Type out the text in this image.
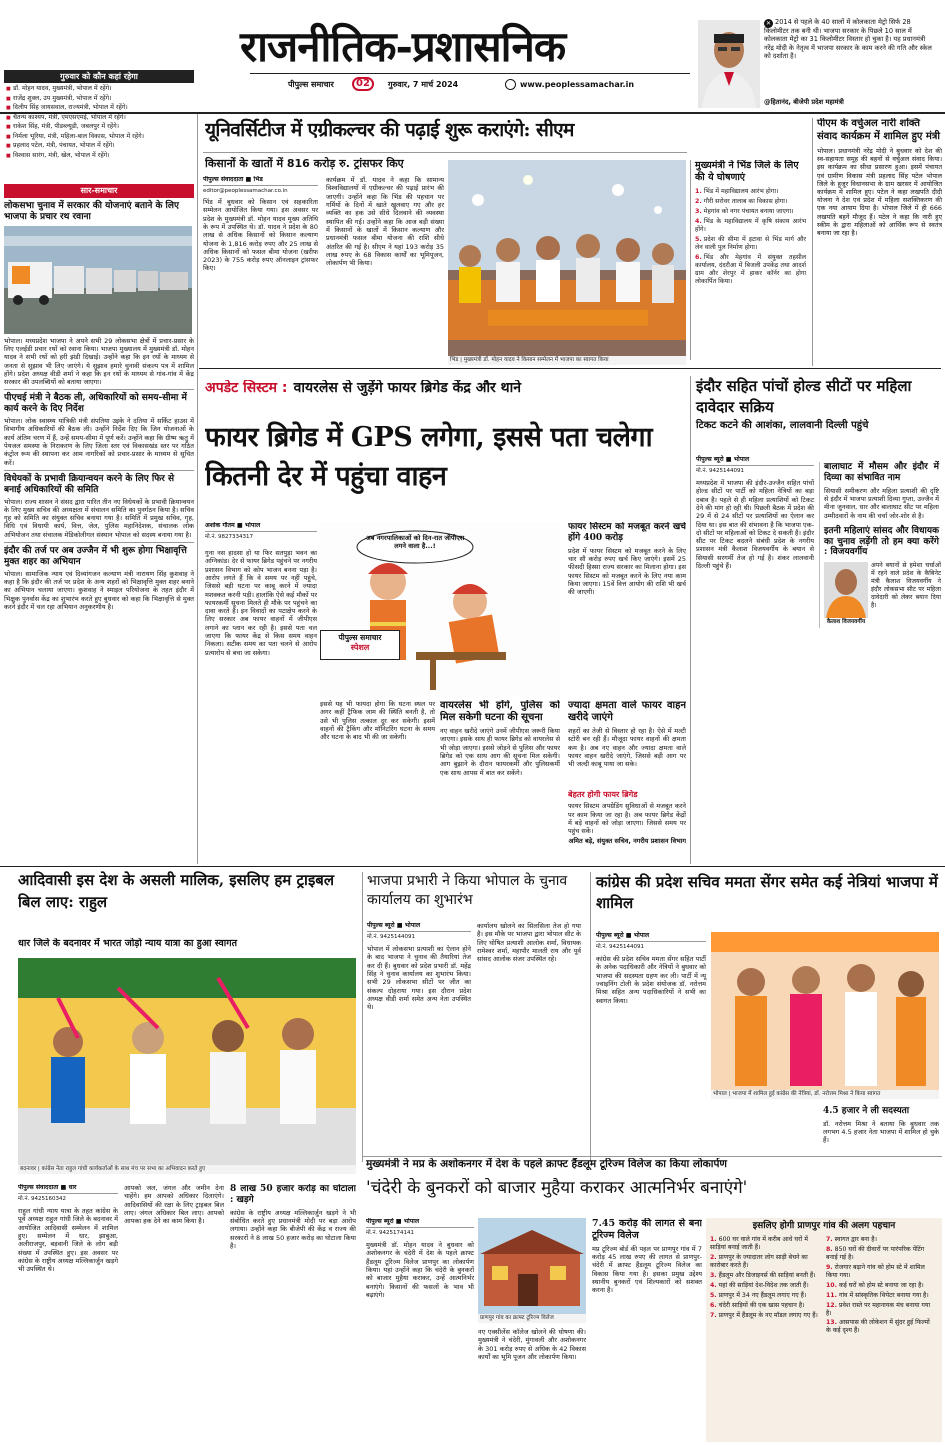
राजनीतिक-प्रशासनिक
पीपुल्स समाचार	02	गुरुवार, 7 मार्च 2024	www.peoplessamachar.in
✕ 2014 से पहले के 40 सालों में कोलकाता मेट्रो सिर्फ 28 किलोमीटर तक बनी थी। भाजपा सरकार के पिछले 10 साल में कोलकाता मेट्रो का 31 किलोमीटर विस्तार हो चुका है। यह प्रधानमंत्री नरेंद्र मोदी के नेतृत्व में भाजपा सरकार के काम करने की गति और स्केल को दर्शाता है।
@हितानंद, बीजेपी प्रदेश महामंत्री
गुरुवार को कौन कहां रहेगा
■ डॉ. मोहन यादव, मुख्यमंत्री, भोपाल में रहेंगे।
■ राजेंद्र शुक्ल, उप मुख्यमंत्री, भोपाल में रहेंगे।
■ दिलीप सिंह जायसवाल, राज्यमंत्री, भोपाल में रहेंगे।
■ चैतन्य काश्यप, मंत्री, एमएसएमई, भोपाल में रहेंगे।
■ राकेश सिंह, मंत्री, पीडब्ल्यूडी, जबलपुर में रहेंगे।
■ निर्मला भूरिया, मंत्री, महिला-बाल विकास, भोपाल में रहेंगे।
■ प्रहलाद पटेल, मंत्री, पंचायत, भोपाल में रहेंगे।
■ विश्वास सारंग, मंत्री, खेल, भोपाल में रहेंगे।
सार-समाचार
लोकसभा चुनाव में सरकार की योजनाएं बताने के लिए भाजपा के प्रचार रथ रवाना
भोपाल। मध्यप्रदेश भाजपा ने अपने सभी 29 लोकसभा क्षेत्रों में प्रचार-प्रसार के लिए एलईडी प्रचार रथों को रवाना किया। भाजपा मुख्यालय में मुख्यमंत्री डॉ. मोहन यादव ने सभी रथों को हरी झंडी दिखाई। उन्होंने कहा कि इन रथों के माध्यम से जनता से सुझाव भी लिए जाएंगे। ये सुझाव हमारे चुनावी संकल्प पत्र में शामिल होंगे। प्रदेश अध्यक्ष वीडी शर्मा ने कहा कि इन रथों के माध्यम से गांव-गांव में केंद्र सरकार की उपलब्धियों को बताया जाएगा।
पीएचई मंत्री ने बैठक ली, अधिकारियों को समय-सीमा में कार्य करने के दिए निर्देश
भोपाल। लोक स्वास्थ्य यांत्रिकी मंत्री संपतिया उइके ने दतिया में सर्किट हाउस में विभागीय अधिकारियों की बैठक ली। उन्होंने निर्देश दिए कि जिन योजनाओं के कार्य अंतिम चरण में हैं, उन्हें समय-सीमा में पूर्ण करें। उन्होंने कहा कि ग्रीष्म ऋतु में पेयजल समस्या के निराकरण के लिए जिला स्तर एवं विकासखंड स्तर पर गठित कंट्रोल रूम की स्थापना कर आम नागरिकों को प्रचार-प्रसार के माध्यम से सूचित करें।
विधेयकों के प्रभावी क्रियान्वयन करने के लिए फिर से बनाई अधिकारियों की समिति
भोपाल। राज्य शासन ने संसद द्वारा पारित तीन नए विधेयकों के प्रभावी क्रियान्वयन के लिए मुख्य सचिव की अध्यक्षता में संचालन समिति का पुनर्गठन किया है। सचिव गृह को समिति का संयुक्त सचिव बनाया गया है। समिति में प्रमुख सचिव, गृह, विधि एवं विधायी कार्य, वित्त, जेल, पुलिस महानिदेशक, संचालक लोक अभियोजन तथा संचालक मेडिकोलीगल संस्थान भोपाल को सदस्य बनाया गया है।
इंदौर की तर्ज पर अब उज्जैन में भी शुरू होगा भिक्षावृत्ति मुक्त शहर का अभियान
भोपाल। सामाजिक न्याय एवं दिव्यांगजन कल्याण मंत्री नारायण सिंह कुशवाह ने कहा है कि इंदौर की तर्ज पर प्रदेश के अन्य शहरों को भिक्षावृत्ति मुक्त शहर बनाने का अभियान चलाया जाएगा। कुशवाह ने स्माइल परियोजना के तहत इंदौर में भिक्षुक पुनर्वास केंद्र का शुभारंभ करते हुए बुधवार को कहा कि भिक्षावृत्ति से मुक्त करने इंदौर में चल रहा अभियान अनुकरणीय है।
यूनिवर्सिटीज में एग्रीकल्चर की पढ़ाई शुरू कराएंगे: सीएम
किसानों के खातों में 816 करोड़ रु. ट्रांसफर किए
पीपुल्स संवाददाता ■ भिंड
editor@peoplessamachar.co.in
भिंड में बुधवार को किसान एवं सहकारिता सम्मेलन आयोजित किया गया। इस अवसर पर प्रदेश के मुख्यमंत्री डॉ. मोहन यादव मुख्य अतिथि के रूप में उपस्थित थे। डॉ. यादव ने प्रदेश के 80 लाख से अधिक किसानों को किसान कल्याण योजना के 1,816 करोड़ रुपए और 25 लाख से अधिक किसानों को फसल बीमा योजना (खरीफ 2023) के 755 करोड़ रुपए ऑनलाइन ट्रांसफर किए।
कार्यक्रम में डॉ. यादव ने कहा कि सामान्य विश्वविद्यालयों में एग्रीकल्चर की पढ़ाई प्रारंभ की जाएगी। उन्होंने कहा कि भिंड की पहचान पर गर्मियों के दिनों में खाते खुलवाए गए और हर व्यक्ति का हक उसे सीधे दिलवाने की व्यवस्था स्थापित की गई। उन्होंने कहा कि आज बड़ी संख्या में किसानों के खातों में किसान कल्याण और प्रधानमंत्री फसल बीमा योजना की राशि सीधे अंतरित की गई है। सीएम ने यहां 193 करोड़ 35 लाख रुपए के 68 विकास कार्यों का भूमिपूजन, लोकार्पण भी किया।
भिंड | मुख्यमंत्री डॉ. मोहन यादव ने किसान सम्मेलन में भाजपा का स्वागत किया
मुख्यमंत्री ने भिंड जिले के लिए की ये घोषणाएं
1. भिंड में महाविद्यालय आरंभ होगा।
2. गौरी सरोवर तालाब का विकास होगा।
3. मेहगांव को नगर पंचायत बनाया जाएगा।
4. भिंड के महाविद्यालय में कृषि संकाय आरंभ होंगे।
5. प्रदेश की सीमा में इटावा से भिंड मार्ग और लेन वाली पुल निर्माण होगा।
6. भिंड और मेहगांव में संयुक्त तहसील कार्यालय, दंदरौआ में बिजली उपकेंद्र तथा आदर्श ग्राम और शेरपुर में हाकर कॉर्नर का होगा लोकार्पित किया।
पीएम के वर्चुअल नारी शक्ति संवाद कार्यक्रम में शामिल हुए मंत्री
भोपाल। प्रधानमंत्री नरेंद्र मोदी ने बुधवार को देश की स्व-सहायता समूह की बहनों से वर्चुअल संवाद किया। इस कार्यक्रम का सीधा प्रसारण हुआ। इसमें पंचायत एवं ग्रामीण विकास मंत्री प्रहलाद सिंह पटेल भोपाल जिले के हुजूर विधानसभा के ग्राम खरसर में आयोजित कार्यक्रम में शामिल हुए। पटेल ने कहा लखपति दीदी योजना ने देश एवं प्रदेश में महिला सशक्तिकरण की एक नया आयाम दिया है। भोपाल जिले में ही 666 लखपति बहनें मौजूद हैं। पटेल ने कहा कि नारी हुए स्कीम के द्वारा महिलाओं को आर्थिक रूप से स्वतंत्र बनाया जा रहा है।
अपडेट सिस्टम : वायरलेस से जुड़ेंगे फायर ब्रिगेड केंद्र और थाने
फायर ब्रिगेड में GPS लगेगा, इससे पता चलेगा कितनी देर में पहुंचा वाहन
अशोक गौतम ■ भोपाल
मो.नं. 9827334317
गुना नस हादसा हो या फिर सतपुड़ा भवन का अग्निकांड। देर से फायर ब्रिगेड पहुंचने पर नगरीय प्रशासन विभाग को कोप भाजन बनना पड़ा है। आरोप लगते हैं कि वे समय पर नहीं पहुंचे, जिससे बड़ी घटना पर काबू करने में ज्यादा मशक्कत करनी पड़ी। हालांकि ऐसे कई मौकों पर फायरकर्मी सूचना मिलते ही मौके पर पहुंचने का दावा करते हैं। इन विवादों का पटाक्षेप करने के लिए सरकार अब फायर वाहनों में जीपीएस लगाने का प्लान कर रही है। इससे पता चल जाएगा कि फायर केंद्र से किस समय वाहन निकला। सटीक समय का पता चलने से आरोप प्रत्यारोप से बचा जा सकेगा।
इससे यह भी फायदा होगा कि घटना स्थल पर अगर कहीं ट्रैफिक जाम की स्थिति बनती है, तो उसे भी पुलिस तत्काल दूर कर सकेगी। इसमें वाहनों की ट्रैकिंग और मॉनिटरिंग घटना के समय और घटना के बाद भी की जा सकेगी।
अब नगरपालिकाओं को दिन-रात जीपीएस लगने वाला है...!
पीपुल्स समाचार
स्पेशल
वायरलेस भी होंगे, पुलिस को मिल सकेगी घटना की सूचना
नए वाहन खरीदे जाएंगे उनमें जीपीएस जरूरी किया जाएगा। इसके साथ ही फायर ब्रिगेड को वायरलेस से भी जोड़ा जाएगा। इससे जोड़ने से पुलिस और फायर ब्रिगेड को एक साथ आग की सूचना मिल सकेगी। आग बुझाने के दौरान फायरकर्मी और पुलिसकर्मी एक साथ आपस में बात कर सकेंगे।
ज्यादा क्षमता वाले फायर वाहन खरीदे जाएंगे
शहरों का तेजी से विस्तार हो रहा है। ऐसे में मल्टी स्टोरी बन रही हैं। मौजूदा फायर वाहनों की क्षमता कम है। अब नए वाहन और ज्यादा क्षमता वाले फायर वाहन खरीदे जाएंगे, जिससे बड़ी आग पर भी जल्दी काबू पाया जा सके।
फायर सिस्टम को मजबूत करने खर्च होंगे 400 करोड़
प्रदेश में फायर सिस्टम को मजबूत करने के लिए चार सौ करोड़ रुपए खर्च किए जाएंगे। इसमें 25 फीसदी हिस्सा राज्य सरकार का मिलाना होगा। इस फायर सिस्टम को मजबूत करने के लिए नया काम किया जाएगा। 15वें वित्त आयोग की राशि भी खर्च की जाएगी।
बेहतर होगी फायर ब्रिगेड
फायर सिस्टम अपग्रेडिंग सुविधाओं से मजबूत करने पर काम किया जा रहा है। अब फायर ब्रिगेड केंद्रों में बड़े वाहनों को जोड़ा जाएगा। जिससे समय पर पहुंच सकें।
अमित बड़े, संयुक्त सचिव, नगरीय प्रशासन विभाग
इंदौर सहित पांचों होल्ड सीटों पर महिला दावेदार सक्रिय
टिकट कटने की आशंका, लालवानी दिल्ली पहुंचे
पीपुल्स ब्यूरो ■ भोपाल
मो.नं. 9425144091
मध्यप्रदेश में भाजपा की इंदौर-उज्जैन सहित पांचों होल्ड सीटों पर पार्टी को महिला नेत्रियों का बड़ा दबाव है। पहले से ही महिला प्रत्याशियों को टिकट देने की मांग हो रही थी। पिछली बैठक में प्रदेश की 29 में से 24 सीटों पर प्रत्याशियों का ऐलान कर दिया था। इस बात की संभावना है कि भाजपा एक-दो सीटों पर महिलाओं को टिकट दे सकती है। इंदौर सीट पर टिकट बदलने संबंधी प्रदेश के नगरीय प्रशासन मंत्री कैलाश विजयवर्गीय के बयान से सियासी सरगर्मी तेज हो गई है। शंकर लालवानी दिल्ली पहुंचे हैं।
बालाघाट में मौसम और इंदौर में दिव्या का संभावित नाम
सियासी समीकरण और महिला प्रत्याशी की दृष्टि से इंदौर में भाजपा प्रत्याशी दिव्या गुप्ता, उज्जैन में मीना जुनवाल, धार और बालाघाट सीट पर महिला उम्मीदवारों के नाम की चर्चा जोर-शोर से है।
इतनी महिलाएं सांसद और विधायक का चुनाव लड़ेंगी तो हम क्या करेंगे : विजयवर्गीय
कैलाश विजयवर्गीय
अपने बयानों से हमेशा चर्चाओं में रहने वाले प्रदेश के कैबिनेट मंत्री कैलाश विजयवर्गीय ने इंदौर लोकसभा सीट पर महिला दावेदारी को लेकर बयान दिया है।
आदिवासी इस देश के असली मालिक, इसलिए हम ट्राइबल बिल लाए: राहुल
धार जिले के बदनावर में भारत जोड़ो न्याय यात्रा का हुआ स्वागत
बदनावर | कांग्रेस नेता राहुल गांधी कार्यकर्ताओं के साथ मंच पर सभा का अभिवादन करते हुए
पीपुल्स संवाददाता ■ धार
मो.नं. 9425160342
राहुल गांधी न्याय यात्रा के तहत कांग्रेस के पूर्व अध्यक्ष राहुल गांधी जिले के बदनावर में आयोजित आदिवासी सम्मेलन में शामिल हुए। सम्मेलन में धार, झाबुआ, अलीराजपुर, बड़वानी जिले के लोग बड़ी संख्या में उपस्थित हुए। इस अवसर पर कांग्रेस के राष्ट्रीय अध्यक्ष मल्लिकार्जुन खड़गे भी उपस्थित थे।
आपको जल, जंगल और जमीन देना चाहेंगे। हम आपको अधिकार दिलाएंगे। आदिवासियों की रक्षा के लिए ट्राइबल बिल लाए। जंगल अधिकार बिल लाए। आपको आपका हक देने का काम किया है।
8 लाख 50 हजार करोड़ का घोटाला : खड़गे
कांग्रेस के राष्ट्रीय अध्यक्ष मल्लिकार्जुन खड़गे ने भी संबोधित करते हुए प्रधानमंत्री मोदी पर बड़ा आरोप लगाया। उन्होंने कहा कि बीजेपी की केंद्र व राज्य की सरकारों ने 8 लाख 50 हजार करोड़ का घोटाला किया है।
भाजपा प्रभारी ने किया भोपाल के चुनाव कार्यालय का शुभारंभ
पीपुल्स ब्यूरो ■ भोपाल
मो.नं. 9425144091
भोपाल में लोकसभा प्रत्याशी का ऐलान होने के बाद भाजपा ने चुनाव की तैयारियां तेज कर दी हैं। बुधवार को प्रदेश प्रभारी डॉ. महेंद्र सिंह ने चुनाव कार्यालय का शुभारंभ किया। सभी 29 लोकसभा सीटों पर जीत का संकल्प दोहराया गया। इस दौरान प्रदेश अध्यक्ष वीडी शर्मा समेत अन्य नेता उपस्थित थे।
कार्यालय खोलने का सिलसिला तेज हो गया है। इस मौके पर भाजपा द्वारा भोपाल सीट के लिए घोषित प्रत्याशी आलोक शर्मा, विधायक रामेश्वर शर्मा, महापौर मालती राय और पूर्व सांसद आलोक संजर उपस्थित रहे।
कांग्रेस की प्रदेश सचिव ममता सेंगर समेत कई नेत्रियां भाजपा में शामिल
पीपुल्स ब्यूरो ■ भोपाल
मो.नं. 9425144091
कांग्रेस की प्रदेश सचिव ममता सेंगर सहित पार्टी के अनेक पदाधिकारी और नेत्रियों ने बुधवार को भाजपा की सदस्यता ग्रहण कर ली। पार्टी में न्यू ज्वाइनिंग टोली के प्रदेश संयोजक डॉ. नरोत्तम मिश्रा सहित अन्य पदाधिकारियों ने सभी का स्वागत किया।
भोपाल | भाजपा में शामिल हुई कांग्रेस की नेत्रियां, डॉ. नरोत्तम मिश्रा ने किया स्वागत
4.5 हजार ने ली सदस्यता
डॉ. नरोत्तम मिश्रा ने बताया कि बुधवार तक लगभग 4.5 हजार नेता भाजपा में शामिल हो चुके हैं।
मुख्यमंत्री ने मप्र के अशोकनगर में देश के पहले क्राफ्ट हैंडलूम टूरिज्म विलेज का किया लोकार्पण
'चंदेरी के बुनकरों को बाजार मुहैया कराकर आत्मनिर्भर बनाएंगे'
पीपुल्स ब्यूरो ■ भोपाल
मो.नं. 9425174141
मुख्यमंत्री डॉ. मोहन यादव ने बुधवार को अशोकनगर के चंदेरी में देश के पहले क्राफ्ट हैंडलूम टूरिज्म विलेज प्राणपुर का लोकार्पण किया। यहां उन्होंने कहा कि चंदेरी के बुनकरों को बाजार मुहैया कराकर, उन्हें आत्मनिर्भर बनाएंगे। किसानों की फसलों के भाव भी बढ़ाएंगे।
प्राणपुर गांव का क्राफ्ट टूरिज्म विलेज
नए एक्सीलेंस कॉलेज खोलने की घोषणा की। मुख्यमंत्री ने चंदेरी, मुंगावली और अशोकनगर के 301 करोड़ रुपए से अधिक के 42 विकास कार्यों का भूमि पूजन और लोकार्पण किया।
7.45 करोड़ की लागत से बना टूरिज्म विलेज
मप्र टूरिज्म बोर्ड की पहल पर प्राणपुर गांव में 7 करोड़ 45 लाख रुपए की लागत से प्राणपुर-चंदेरी में क्राफ्ट हैंडलूम टूरिज्म विलेज का विकास किया गया है। इसका प्रमुख उद्देश्य स्थानीय बुनकरों एवं शिल्पकारों को सशक्त करना है।
इसलिए होगी प्राणपुर गांव की अलग पहचान
1. 600 घर वाले गांव में करीब आधे घरों में साड़ियां बनाई जाती हैं।
2. प्राणपुर के ज्यादातर लोग साड़ी बेचने का कारोबार करते हैं।
3. हैंडलूम और डिजाइनर्स की साड़ियां बनती हैं।
4. यहां की साड़ियां देश-विदेश तक जाती हैं।
5. प्राणपुर में 34 नए हैंडलूम लगाए गए हैं।
6. चंदेरी साड़ियों की एक खास पहचान है।
7. प्राणपुर में हैंडलूम के नए मॉडल लगाए गए हैं।
7. स्वागत द्वार बना है।
8. 850 घरों की दीवारों पर पारंपरिक पेंटिंग बनाई गई है।
9. रोजगार बढ़ाने गांव को होम स्टे में शामिल किया गया।
10. कई घरों को होम स्टे बनाया जा रहा है।
11. गांव में सांस्कृतिक थियेटर बनाया गया है।
12. प्रवेश रास्ते पर महानायक मंच बनाया गया है।
13. आसपास की लोकेशन में सुंदर हुई फिल्मों के कई दृश्य हैं।
